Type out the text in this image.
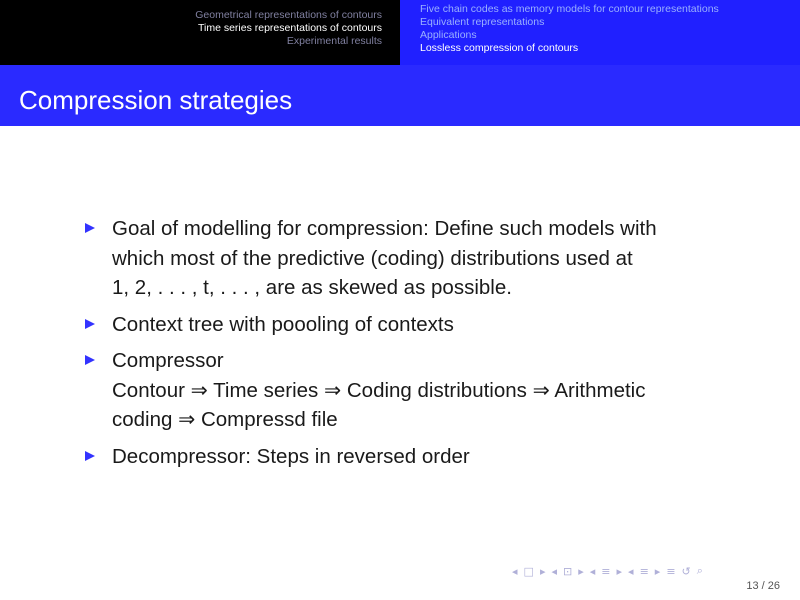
Geometrical representations of contours
Time series representations of contours
Experimental results
Five chain codes as memory models for contour representations
Equivalent representations
Applications
Lossless compression of contours
Compression strategies
Goal of modelling for compression: Define such models with
which most of the predictive (coding) distributions used at
1, 2, . . . , t, . . . , are as skewed as possible.
Context tree with poooling of contexts
Compressor
Contour ⇒ Time series ⇒ Coding distributions ⇒ Arithmetic
coding ⇒ Compressd file
Decompressor: Steps in reversed order
◂ □ ▸ ◂ ⊡ ▸ ◂ ≡ ▸ ◂ ≡ ▸ ≡ ↺ ⌕
13 / 26
